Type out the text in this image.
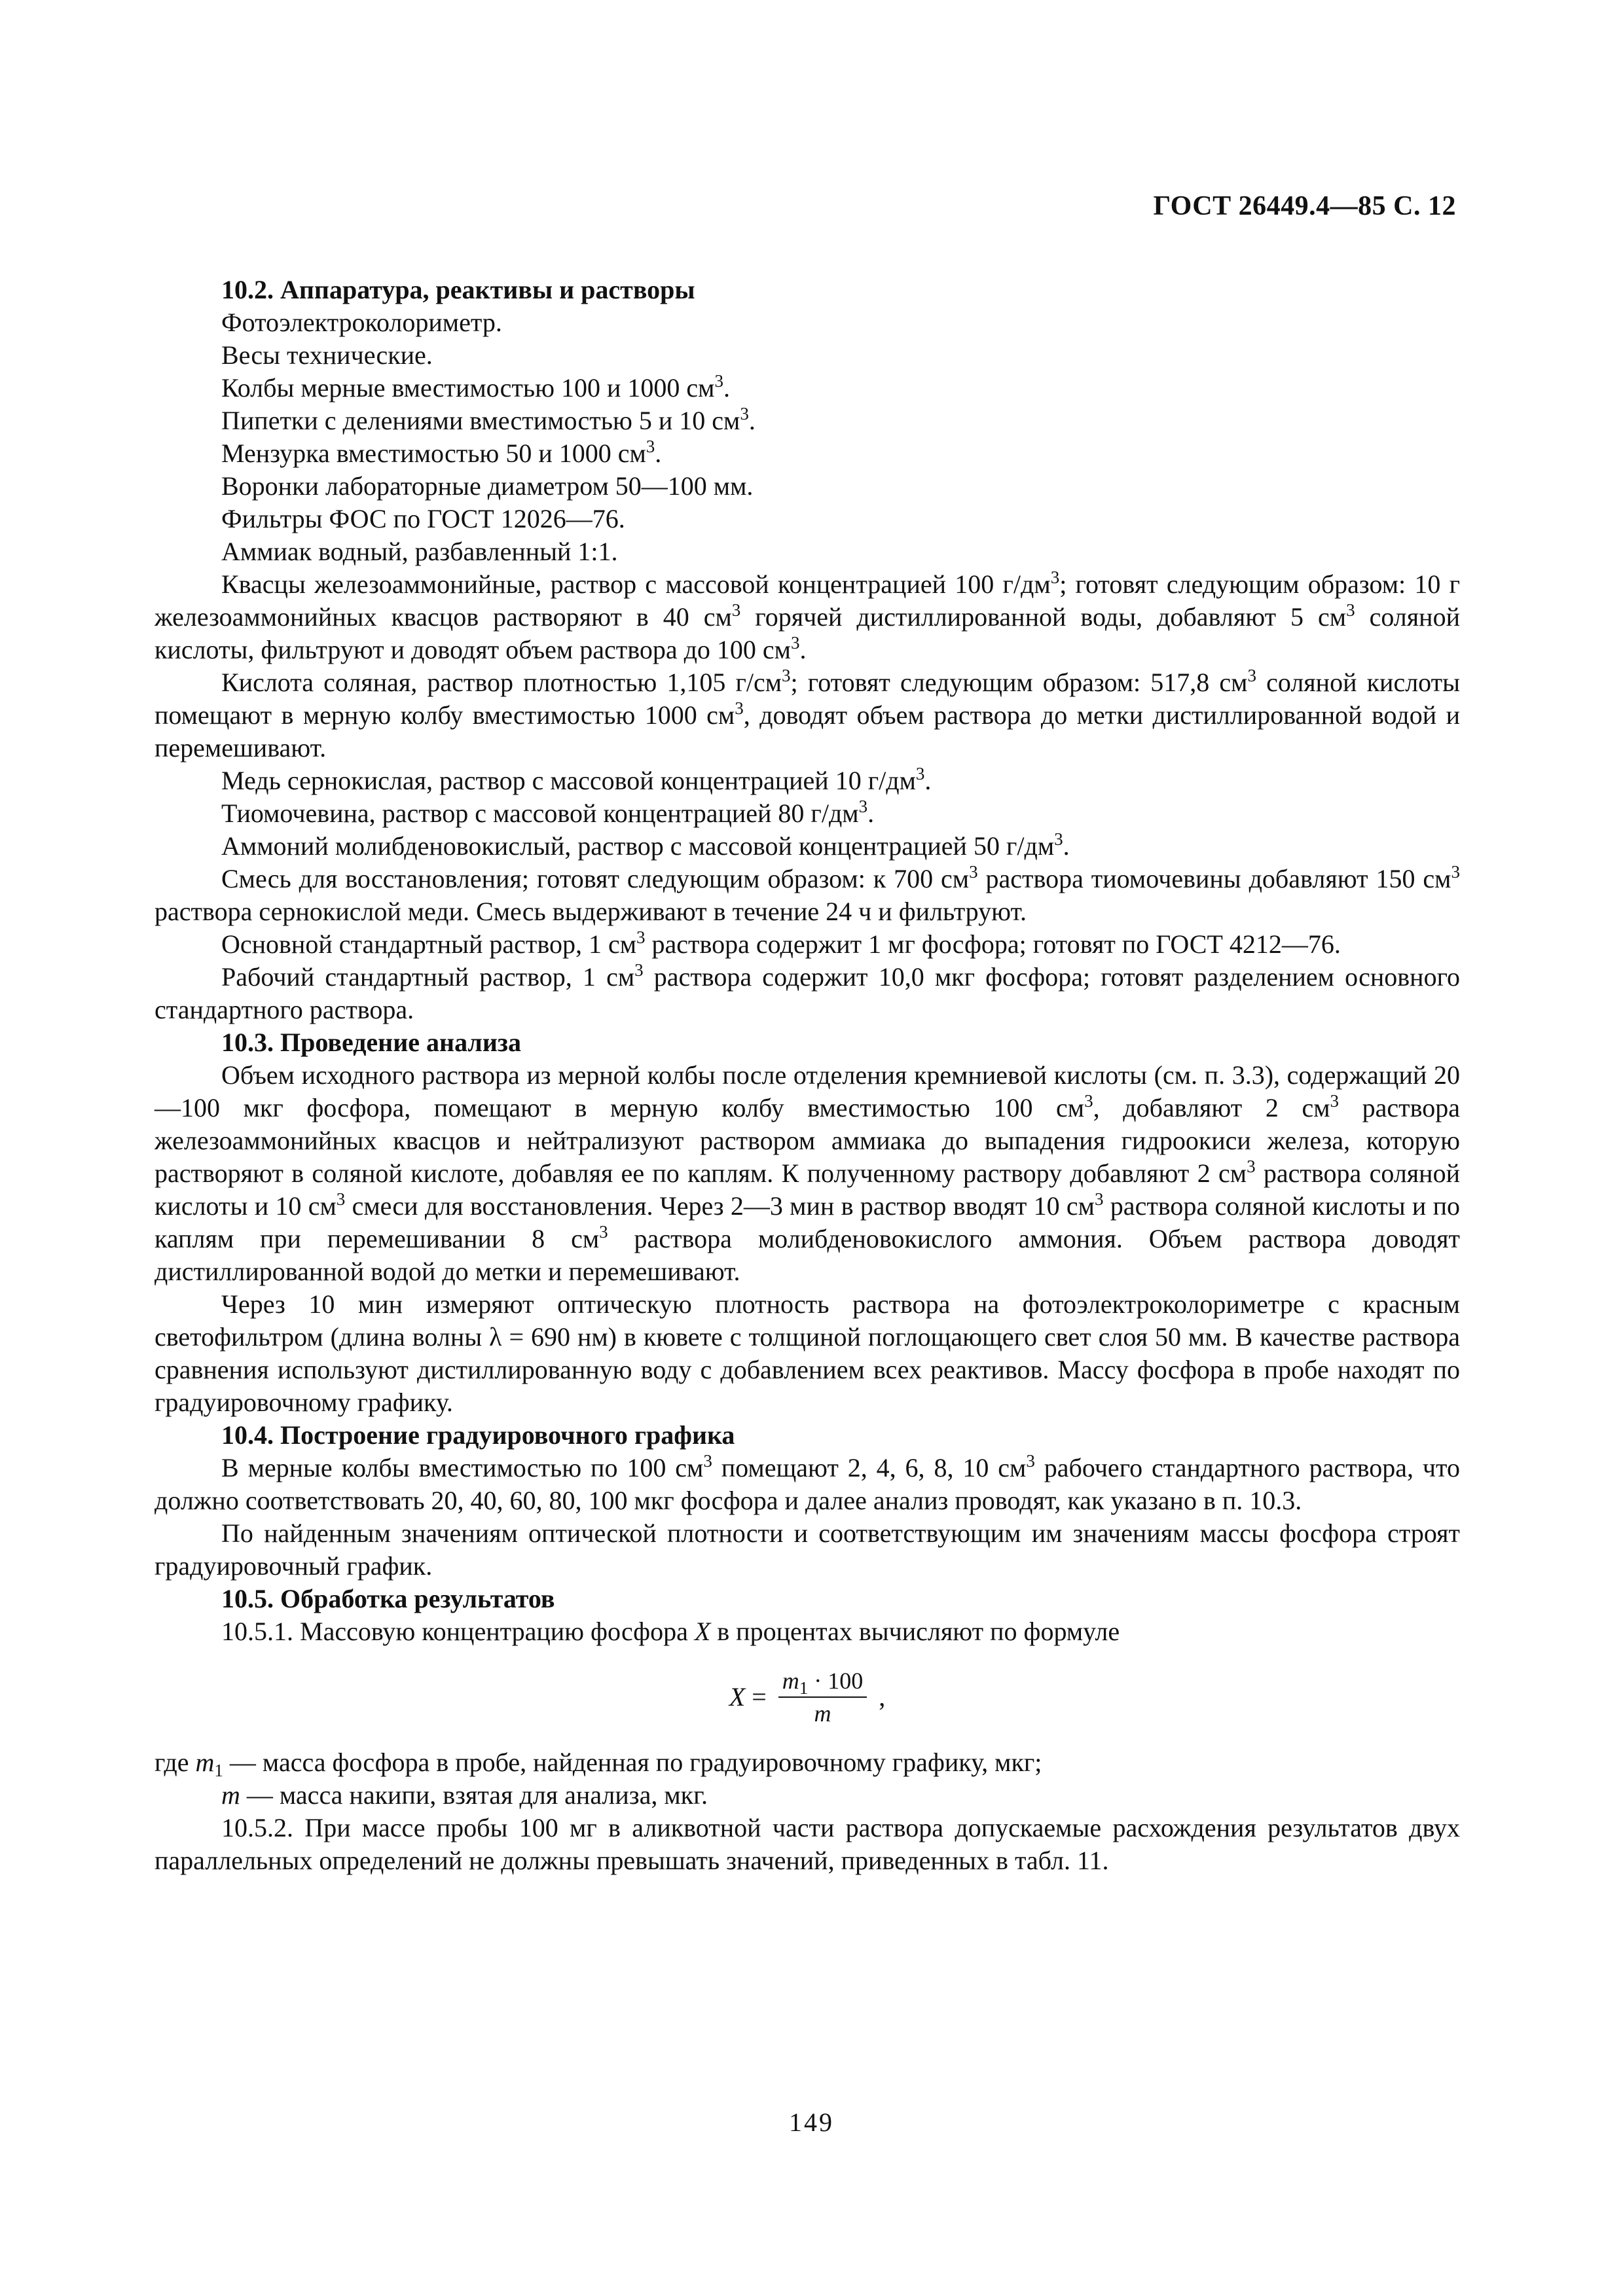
ГОСТ 26449.4—85 С. 12

10.2. Аппаратура, реактивы и растворы

Фотоэлектроколориметр.

Весы технические.

Колбы мерные вместимостью 100 и 1000 $см^3$.

Пипетки с делениями вместимостью 5 и 10 $см^3$.

Мензурка вместимостью 50 и 1000 $см^3$.

Воронки лабораторные диаметром 50—100 мм.

Фильтры ФОС по ГОСТ 12026—76.

Аммиак водный, разбавленный 1:1.

Квасцы железоаммонийные, раствор с массовой концентрацией 100 $г/дм^3$; готовят следующим образом: 10 г железоаммонийных квасцов растворяют в 40 $см^3$ горячей дистиллированной воды, добавляют 5 $см^3$ соляной кислоты, фильтруют и доводят объем раствора до 100 $см^3$.

Кислота соляная, раствор плотностью 1,105 $г/см^3$; готовят следующим образом: 517,8 $см^3$ соляной кислоты помещают в мерную колбу вместимостью 1000 $см^3$, доводят объем раствора до метки дистиллированной водой и перемешивают.

Медь сернокислая, раствор с массовой концентрацией 10 $г/дм^3$.

Тиомочевина, раствор с массовой концентрацией 80 $г/дм^3$.

Аммоний молибденовокислый, раствор с массовой концентрацией 50 $г/дм^3$.

Смесь для восстановления; готовят следующим образом: к 700 $см^3$ раствора тиомочевины добавляют 150 $см^3$ раствора сернокислой меди. Смесь выдерживают в течение 24 ч и фильтруют.

Основной стандартный раствор, 1 $см^3$ раствора содержит 1 мг фосфора; готовят по ГОСТ 4212—76.

Рабочий стандартный раствор, 1 $см^3$ раствора содержит 10,0 мкг фосфора; готовят разделением основного стандартного раствора.

10.3. Проведение анализа

Объем исходного раствора из мерной колбы после отделения кремниевой кислоты (см. п. 3.3), содержащий 20—100 мкг фосфора, помещают в мерную колбу вместимостью 100 $см^3$, добавляют 2 $см^3$ раствора железоаммонийных квасцов и нейтрализуют раствором аммиака до выпадения гидроокиси железа, которую растворяют в соляной кислоте, добавляя ее по каплям. К полученному раствору добавляют 2 $см^3$ раствора соляной кислоты и 10 $см^3$ смеси для восстановления. Через 2—3 мин в раствор вводят 10 $см^3$ раствора соляной кислоты и по каплям при перемешивании 8 $см^3$ раствора молибденовокислого аммония. Объем раствора доводят дистиллированной водой до метки и перемешивают.

Через 10 мин измеряют оптическую плотность раствора на фотоэлектроколориметре с красным светофильтром (длина волны λ = 690 нм) в кювете с толщиной поглощающего свет слоя 50 мм. В качестве раствора сравнения используют дистиллированную воду с добавлением всех реактивов. Массу фосфора в пробе находят по градуировочному графику.

10.4. Построение градуировочного графика

В мерные колбы вместимостью по 100 $см^3$ помещают 2, 4, 6, 8, 10 $см^3$ рабочего стандартного раствора, что должно соответствовать 20, 40, 60, 80, 100 мкг фосфора и далее анализ проводят, как указано в п. 10.3.

По найденным значениям оптической плотности и соответствующим им значениям массы фосфора строят градуировочный график.

10.5. Обработка результатов

10.5.1. Массовую концентрацию фосфора X в процентах вычисляют по формуле

$X = \frac{m_1 \cdot 100}{m}$ ,

где $m_1$ — масса фосфора в пробе, найденная по градуировочному графику, мкг;

m — масса накипи, взятая для анализа, мкг.

10.5.2. При массе пробы 100 мг в аликвотной части раствора допускаемые расхождения результатов двух параллельных определений не должны превышать значений, приведенных в табл. 11.

149
